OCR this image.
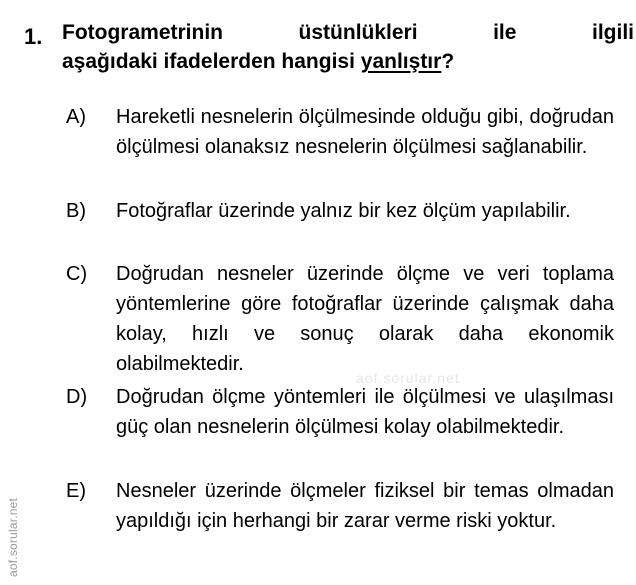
1. Fotogrametrinin üstünlükleri ile ilgili
aşağıdaki ifadelerden hangisi yanlıştır?
A) Hareketli nesnelerin ölçülmesinde olduğu gibi, doğrudan ölçülmesi olanaksız nesnelerin ölçülmesi sağlanabilir.
B) Fotoğraflar üzerinde yalnız bir kez ölçüm yapılabilir.
C) Doğrudan nesneler üzerinde ölçme ve veri toplama yöntemlerine göre fotoğraflar üzerinde çalışmak daha kolay, hızlı ve sonuç olarak daha ekonomik olabilmektedir.
D) Doğrudan ölçme yöntemleri ile ölçülmesi ve ulaşılması güç olan nesnelerin ölçülmesi kolay olabilmektedir.
E) Nesneler üzerinde ölçmeler fiziksel bir temas olmadan yapıldığı için herhangi bir zarar verme riski yoktur.
aof.sorular.net
aof.sorular.net
